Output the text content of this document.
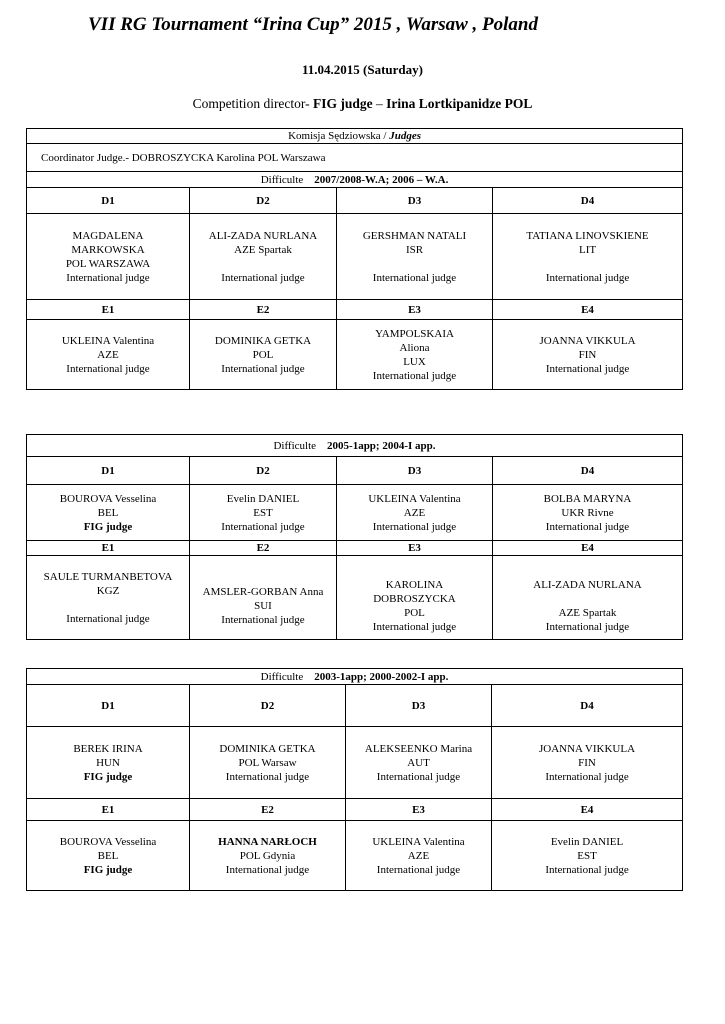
VII RG Tournament “Irina Cup” 2015 , Warsaw , Poland
11.04.2015 (Saturday)
Competition director- FIG judge – Irina Lortkipanidze POL
Komisja Sędziowska / Judges			
Coordinator Judge.- DOBROSZYCKA Karolina POL Warszawa			
Difficulte 2007/2008-W.A; 2006 – W.A.			
D1	D2	D3	D4

MAGDALENA
MARKOWSKA
POL WARSZAWA
International judge	ALI-ZADA NURLANA
AZE Spartak
International judge	GERSHMAN NATALI
ISR
International judge	TATIANA LINOVSKIENE
LIT
International judge

E1	E2	E3	E4

UKLEINA Valentina
AZE
International judge	DOMINIKA GETKA
POL
International judge	YAMPOLSKAIA
Aliona
LUX
International judge	JOANNA VIKKULA
FIN
International judge
Difficulte 2005-1app; 2004-I app.			
D1	D2	D3	D4

BOUROVA Vesselina
BEL
FIG judge	Evelin DANIEL
EST
International judge	UKLEINA Valentina
AZE
International judge	BOLBA MARYNA
UKR Rivne
International judge

E1	E2	E3	E4

SAULE TURMANBETOVA
KGZ
International judge	AMSLER-GORBAN Anna
SUI
International judge	KAROLINA
DOBROSZYCKA
POL
International judge	ALI-ZADA NURLANA
AZE Spartak
International judge
Difficulte 2003-1app; 2000-2002-I app.			
D1	D2	D3	D4

BEREK IRINA
HUN
FIG judge	DOMINIKA GETKA
POL Warsaw
International judge	ALEKSEENKO Marina
AUT
International judge	JOANNA VIKKULA
FIN
International judge

E1	E2	E3	E4

BOUROVA Vesselina
BEL
FIG judge	HANNA NARŁOCH
POL Gdynia
International judge	UKLEINA Valentina
AZE
International judge	Evelin DANIEL
EST
International judge
